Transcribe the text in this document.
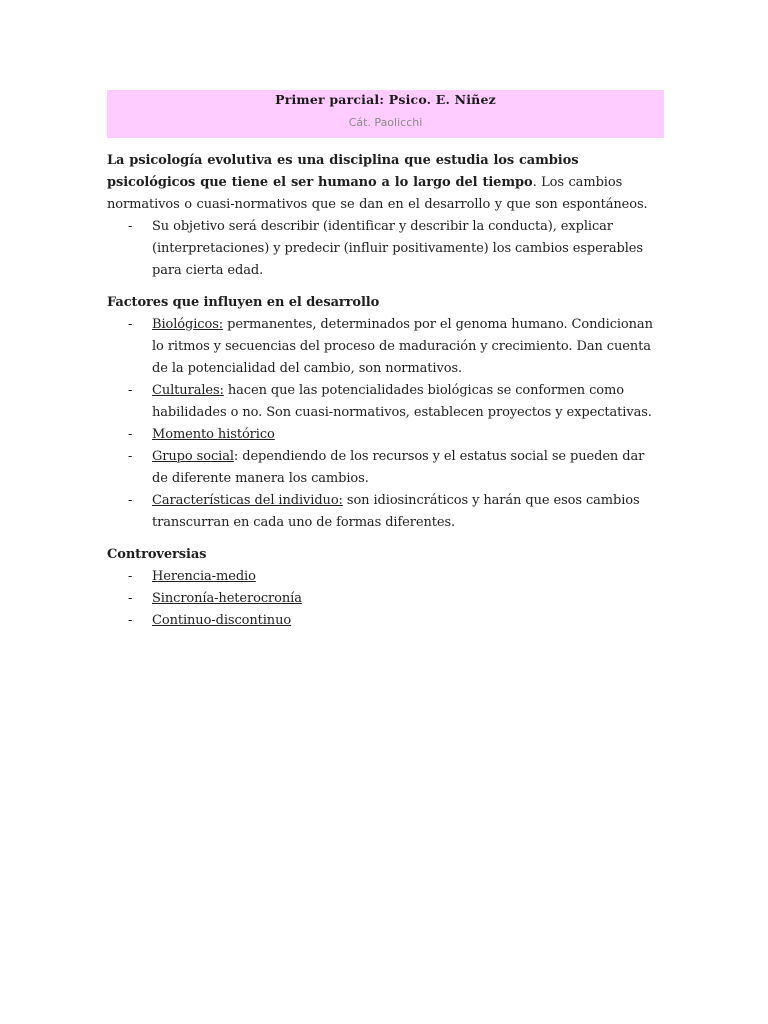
Primer parcial: Psico. E. Niñez
Cát. Paolicchi

La psicología evolutiva es una disciplina que estudia los cambios psicológicos que tiene el ser humano a lo largo del tiempo. Los cambios normativos o cuasi-normativos que se dan en el desarrollo y que son espontáneos.

- Su objetivo será describir (identificar y describir la conducta), explicar (interpretaciones) y predecir (influir positivamente) los cambios esperables para cierta edad.

Factores que influyen en el desarrollo

- Biológicos: permanentes, determinados por el genoma humano. Condicionan lo ritmos y secuencias del proceso de maduración y crecimiento. Dan cuenta de la potencialidad del cambio, son normativos.
- Culturales: hacen que las potencialidades biológicas se conformen como habilidades o no. Son cuasi-normativos, establecen proyectos y expectativas.
- Momento histórico
- Grupo social: dependiendo de los recursos y el estatus social se pueden dar de diferente manera los cambios.
- Características del individuo: son idiosincráticos y harán que esos cambios transcurran en cada uno de formas diferentes.

Controversias

- Herencia-medio
- Sincronía-heterocronía
- Continuo-discontinuo
